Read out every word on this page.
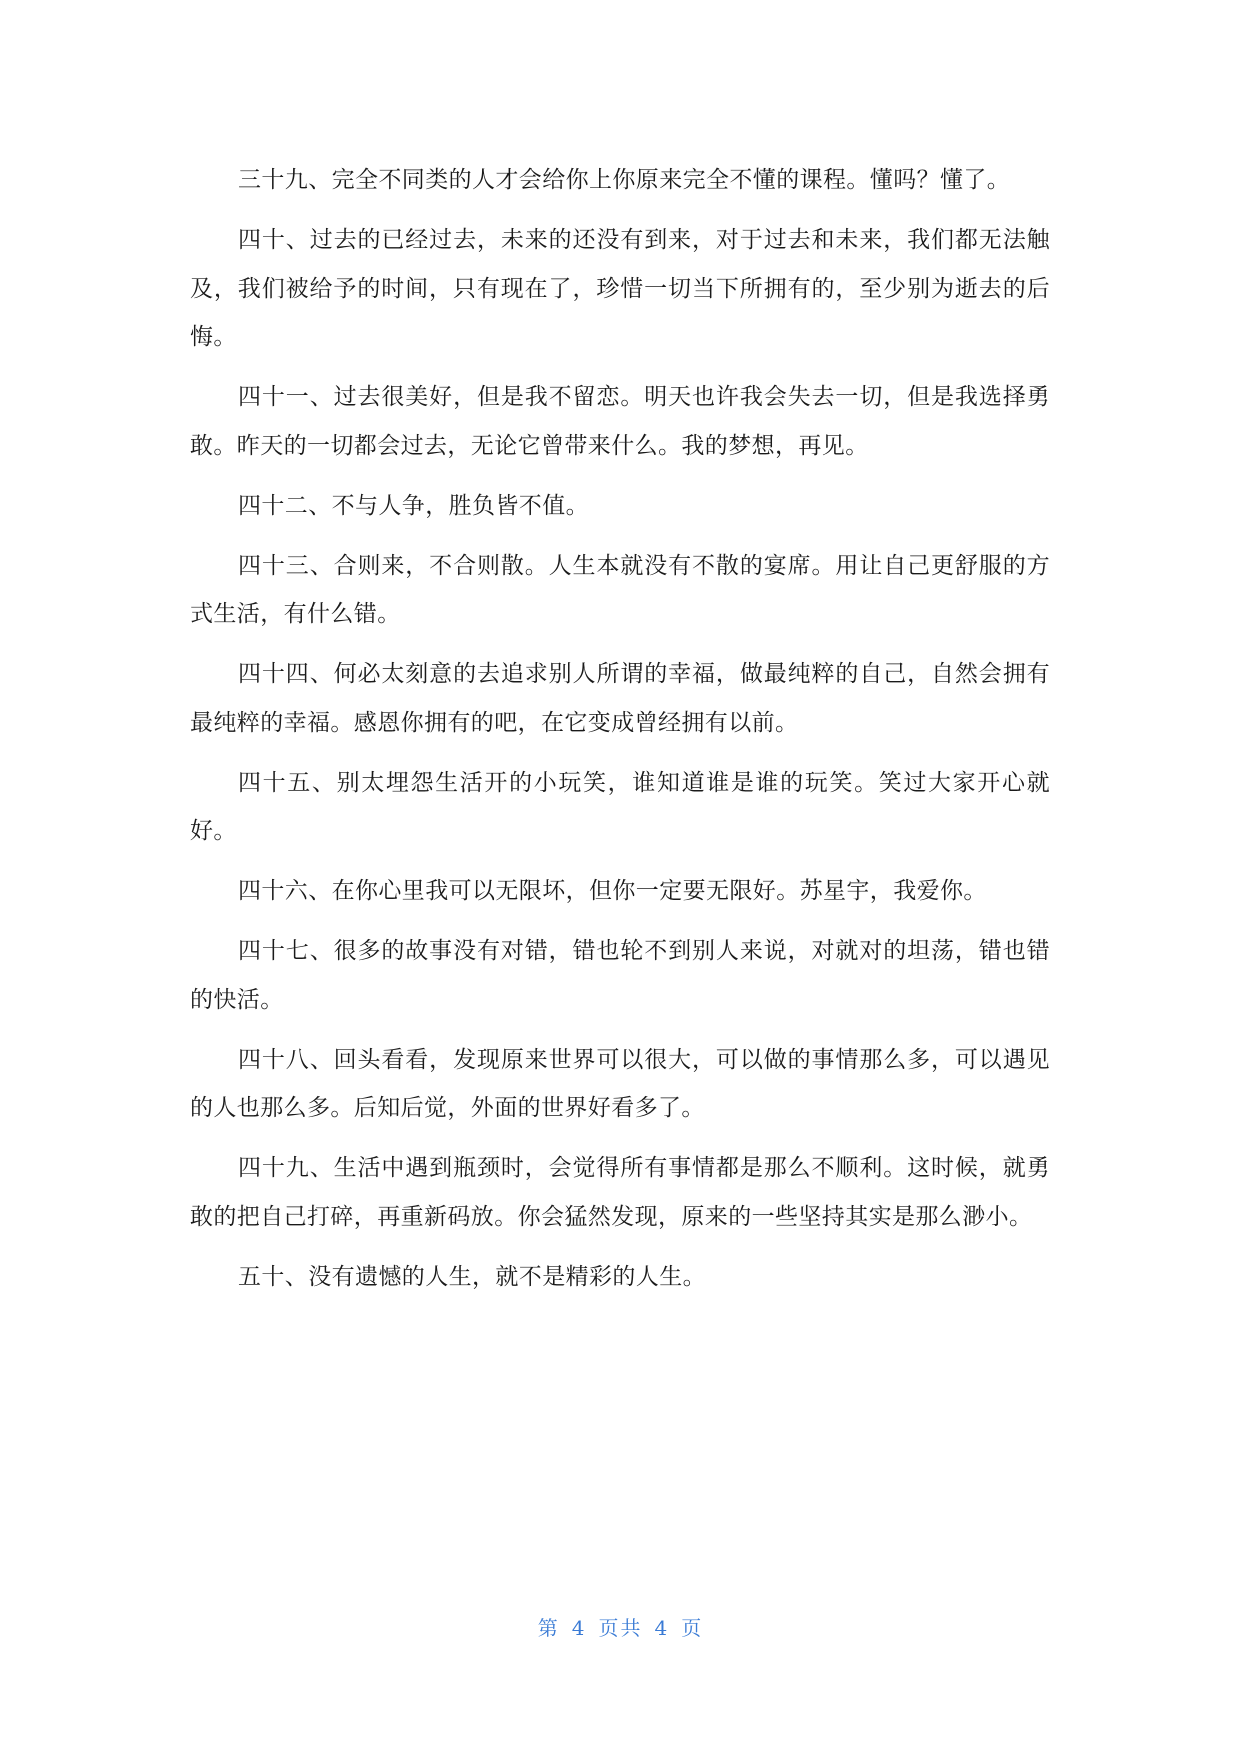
三十九、完全不同类的人才会给你上你原来完全不懂的课程。懂吗？懂了。

四十、过去的已经过去，未来的还没有到来，对于过去和未来，我们都无法触及，我们被给予的时间，只有现在了，珍惜一切当下所拥有的，至少别为逝去的后悔。

四十一、过去很美好，但是我不留恋。明天也许我会失去一切，但是我选择勇敢。昨天的一切都会过去，无论它曾带来什么。我的梦想，再见。

四十二、不与人争，胜负皆不值。

四十三、合则来，不合则散。人生本就没有不散的宴席。用让自己更舒服的方式生活，有什么错。

四十四、何必太刻意的去追求别人所谓的幸福，做最纯粹的自己，自然会拥有最纯粹的幸福。感恩你拥有的吧，在它变成曾经拥有以前。

四十五、别太埋怨生活开的小玩笑，谁知道谁是谁的玩笑。笑过大家开心就好。

四十六、在你心里我可以无限坏，但你一定要无限好。苏星宇，我爱你。

四十七、很多的故事没有对错，错也轮不到别人来说，对就对的坦荡，错也错的快活。

四十八、回头看看，发现原来世界可以很大，可以做的事情那么多，可以遇见的人也那么多。后知后觉，外面的世界好看多了。

四十九、生活中遇到瓶颈时，会觉得所有事情都是那么不顺利。这时候，就勇敢的把自己打碎，再重新码放。你会猛然发现，原来的一些坚持其实是那么渺小。

五十、没有遗憾的人生，就不是精彩的人生。

第 4 页共 4 页
